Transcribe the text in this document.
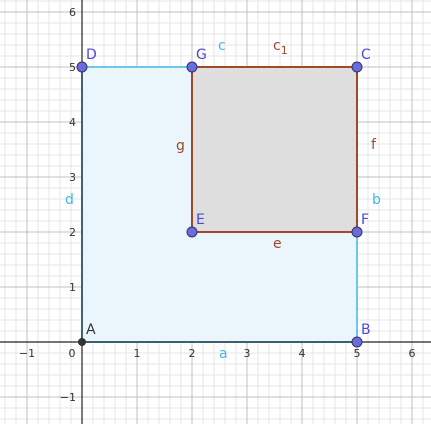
−1	0	1	2	3	4	5	6
−1
1
2
3
4
5
6
a
b
c
d
e
f
g
$c_1$
A	B
C
D
E	F
G
